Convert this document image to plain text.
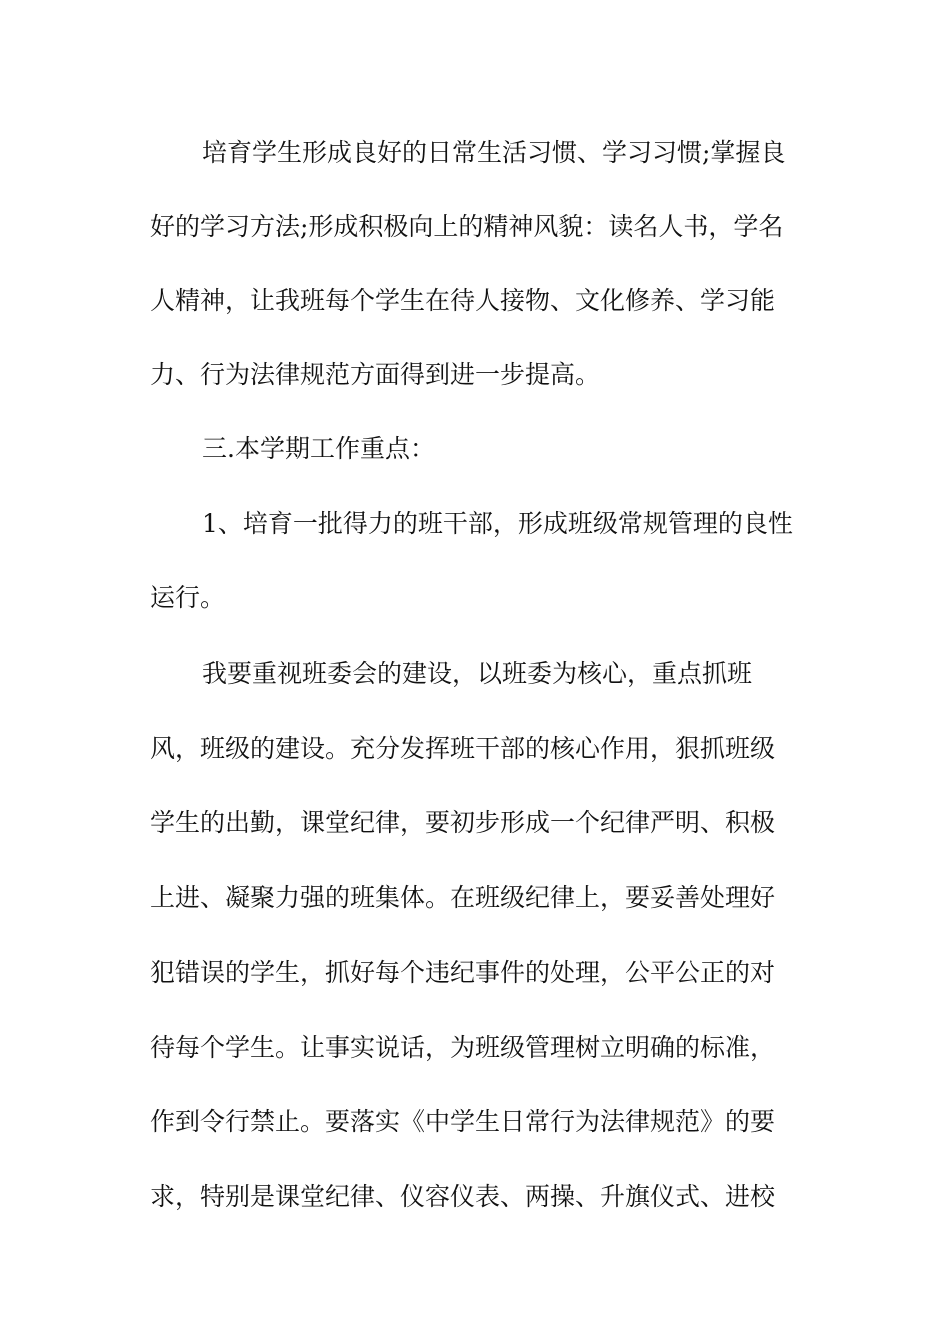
培育学生形成良好的日常生活习惯、学习习惯;掌握良
好的学习方法;形成积极向上的精神风貌：读名人书，学名
人精神，让我班每个学生在待人接物、文化修养、学习能
力、行为法律规范方面得到进一步提高。
三.本学期工作重点：
1、培育一批得力的班干部，形成班级常规管理的良性
运行。
我要重视班委会的建设，以班委为核心，重点抓班
风，班级的建设。充分发挥班干部的核心作用，狠抓班级
学生的出勤，课堂纪律，要初步形成一个纪律严明、积极
上进、凝聚力强的班集体。在班级纪律上，要妥善处理好
犯错误的学生，抓好每个违纪事件的处理，公平公正的对
待每个学生。让事实说话，为班级管理树立明确的标准，
作到令行禁止。要落实《中学生日常行为法律规范》的要
求，特别是课堂纪律、仪容仪表、两操、升旗仪式、进校
